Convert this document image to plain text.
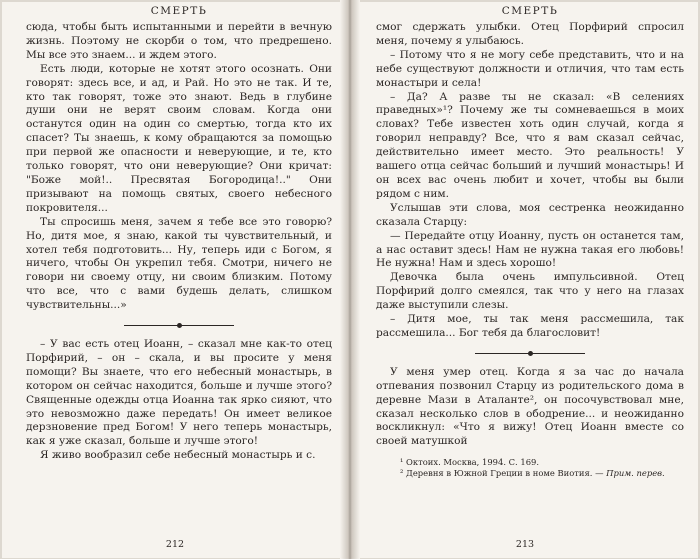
СМЕРТЬ

сюда, чтобы быть испытанными и перейти в вечную жизнь. Поэтому не скорби о том, что предрешено. Мы все это знаем... и ждем этого.

Есть люди, которые не хотят этого осознать. Они говорят: здесь все, и ад, и Рай. Но это не так. И те, кто так говорят, тоже это знают. Ведь в глубине души они не верят своим словам. Когда они останутся один на один со смертью, тогда кто их спасет? Ты знаешь, к кому обращаются за помощью при первой же опасности и неверующие, и те, кто только говорят, что они неверующие? Они кричат: "Боже мой!.. Пресвятая Богородица!.." Они призывают на помощь святых, своего небесного покровителя...

Ты спросишь меня, зачем я тебе все это говорю? Но, дитя мое, я знаю, какой ты чувствительный, и хотел тебя подготовить... Ну, теперь иди с Богом, я ничего, чтобы Он укрепил тебя. Смотри, ничего не говори ни своему отцу, ни своим близким. Потому что все, что с вами будешь делать, слишком чувствительны...»

– У вас есть отец Иоанн, – сказал мне как-то отец Порфирий, – он – скала, и вы просите у меня помощи? Вы знаете, что его небесный монастырь, в котором он сейчас находится, больше и лучше этого? Священные одежды отца Иоанна так ярко сияют, что это невозможно даже передать! Он имеет великое дерзновение пред Богом! У него теперь монастырь, как я уже сказал, больше и лучше этого!

Я живо вообразил себе небесный монастырь и с.

212
СМЕРТЬ

смог сдержать улыбки. Отец Порфирий спросил меня, почему я улыбаюсь.

– Потому что я не могу себе представить, что и на небе существуют должности и отличия, что там есть монастыри и села!

– Да? А разве ты не сказал: «В селениях праведных»¹? Почему же ты сомневаешься в моих словах? Тебе известен хоть один случай, когда я говорил неправду? Все, что я вам сказал сейчас, действительно имеет место. Это реальность! У вашего отца сейчас больший и лучший монастырь! И он всех вас очень любит и хочет, чтобы вы были рядом с ним.

Услышав эти слова, моя сестренка неожиданно сказала Старцу:

— Передайте отцу Иоанну, пусть он останется там, а нас оставит здесь! Нам не нужна такая его любовь! Не нужна! Нам и здесь хорошо!

Девочка была очень импульсивной. Отец Порфирий долго смеялся, так что у него на глазах даже выступили слезы.

– Дитя мое, ты так меня рассмешила, так рассмешила... Бог тебя да благословит!

У меня умер отец. Когда я за час до начала отпевания позвонил Старцу из родительского дома в деревне Мази в Аталанте², он посочувствовал мне, сказал несколько слов в ободрение... и неожиданно воскликнул: «Что я вижу! Отец Иоанн вместе со своей матушкой

¹ Октоих. Москва, 1994. С. 169.
² Деревня в Южной Греции в номе Виотия. — Прим. перев.
213
